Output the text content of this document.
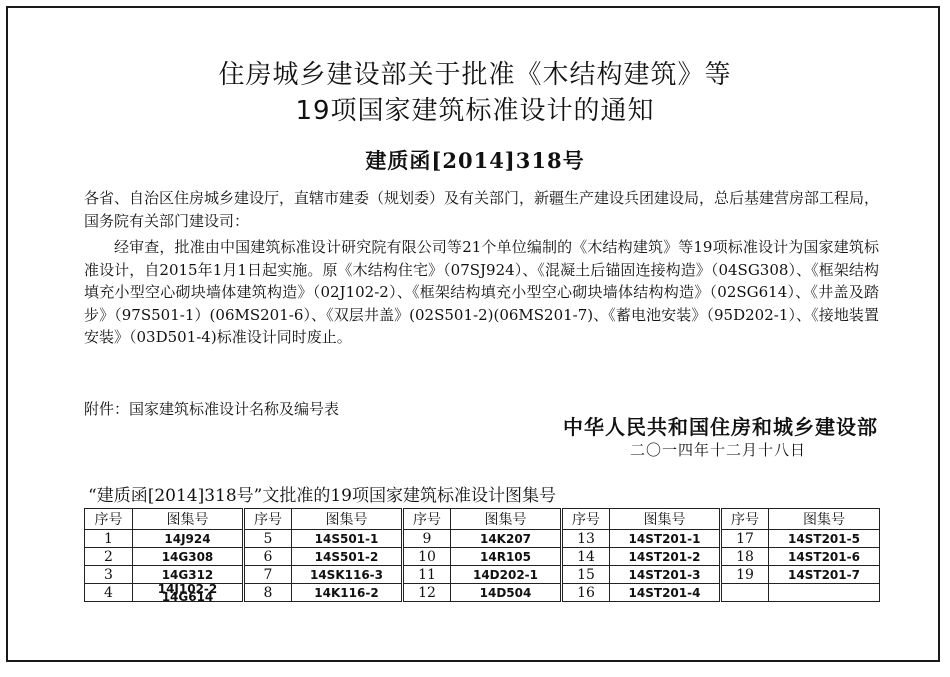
住房城乡建设部关于批准《木结构建筑》等
19项国家建筑标准设计的通知
建质函[2014]318号
各省、自治区住房城乡建设厅，直辖市建委（规划委）及有关部门，新疆生产建设兵团建设局，总后基建营房部工程局，国务院有关部门建设司：
经审查，批准由中国建筑标准设计研究院有限公司等21个单位编制的《木结构建筑》等19项标准设计为国家建筑标准设计，自2015年1月1日起实施。原《木结构住宅》（07SJ924）、《混凝土后锚固连接构造》（04SG308）、《框架结构填充小型空心砌块墙体建筑构造》（02J102-2）、《框架结构填充小型空心砌块墙体结构构造》（02SG614）、《井盖及踏步》（97S501-1）(06MS201-6）、《双层井盖》(02S501-2)(06MS201-7)、《蓄电池安装》（95D202-1）、《接地装置安装》（03D501-4)标准设计同时废止。
附件：国家建筑标准设计名称及编号表
中华人民共和国住房和城乡建设部
二〇一四年十二月十八日
“建质函[2014]318号”文批准的19项国家建筑标准设计图集号
序号	图集号	序号	图集号	序号	图集号	序号	图集号	序号	图集号
1	14J924	5	14S501-1	9	14K207	13	14ST201-1	17	14ST201-5
2	14G308	6	14S501-2	10	14R105	14	14ST201-2	18	14ST201-6
3	14G312	7	14SK116-3	11	14D202-1	15	14ST201-3	19	14ST201-7
4	14J102-2 14G614	8	14K116-2	12	14D504	16	14ST201-4		
